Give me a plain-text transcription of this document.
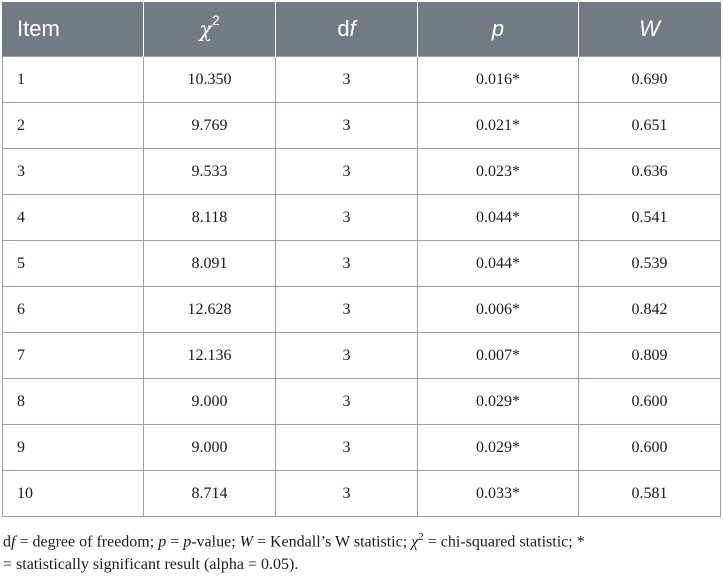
Item	$\chi^2$	df	p	W
1	10.350	3	0.016*	0.690
2	9.769	3	0.021*	0.651
3	9.533	3	0.023*	0.636
4	8.118	3	0.044*	0.541
5	8.091	3	0.044*	0.539
6	12.628	3	0.006*	0.842
7	12.136	3	0.007*	0.809
8	9.000	3	0.029*	0.600
9	9.000	3	0.029*	0.600
10	8.714	3	0.033*	0.581
df = degree of freedom; p = p-value; W = Kendall’s W statistic; $\chi^2$ = chi-squared statistic; *
= statistically significant result (alpha = 0.05).
